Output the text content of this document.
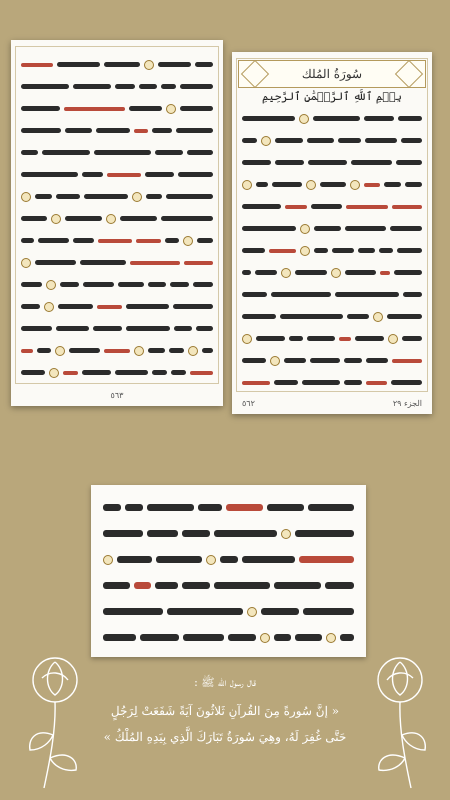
٥٦٣
سُورَةُ المُلك
بِسۡمِ ٱللَّهِ ٱلرَّحۡمَٰنِ ٱلرَّحِيمِ
٥٦٢	الجزء ٢٩
قال رسول الله ﷺ :
« إنَّ سُورةً مِنَ القُرآنِ ثَلاثُونَ آيَةً شَفَعَتْ لِرَجُلٍ
حَتَّى غُفِرَ لَهُ، وهِيَ سُورَةُ تَبَارَكَ الَّذِي بِيَدِهِ المُلْكُ »
